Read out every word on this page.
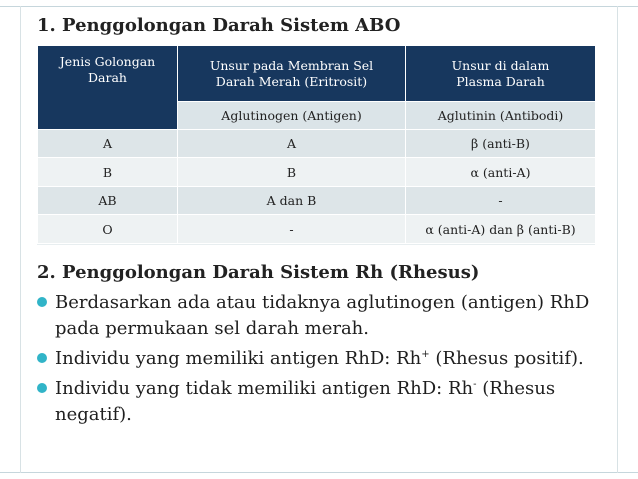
1. Penggolongan Darah Sistem ABO
Jenis Golongan Darah	Unsur pada Membran Sel Darah Merah (Eritrosit)	Unsur di dalam Plasma Darah

	Aglutinogen (Antigen)	Aglutinin (Antibodi)
A	A	β (anti-B)
B	B	α (anti-A)
AB	A dan B	-
O	-	α (anti-A) dan β (anti-B)
2. Penggolongan Darah Sistem Rh (Rhesus)
Berdasarkan ada atau tidaknya aglutinogen (antigen) RhD pada permukaan sel darah merah.
Individu yang memiliki antigen RhD: Rh+ (Rhesus positif).
Individu yang tidak memiliki antigen RhD: Rh- (Rhesus negatif).
